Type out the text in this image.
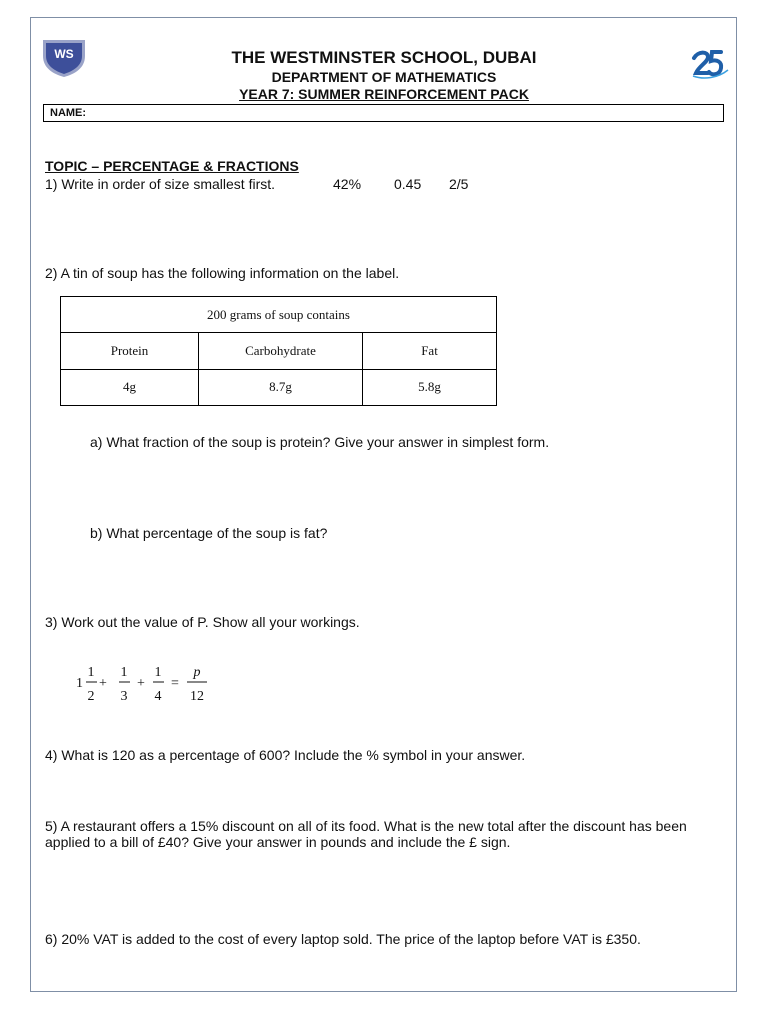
WS	THE WESTMINSTER SCHOOL, DUBAI
DEPARTMENT OF MATHEMATICS
YEAR 7: SUMMER REINFORCEMENT PACK
NAME:
TOPIC – PERCENTAGE & FRACTIONS
1) Write in order of size smallest first.	42% 0.45 2/5
2) A tin of soup has the following information on the label.
200 grams of soup contains		
Protein	Carbohydrate	Fat
4g	8.7g	5.8g
a) What fraction of the soup is protein? Give your answer in simplest form.
b) What percentage of the soup is fat?
3) Work out the value of P. Show all your workings.
1
1
2
+
1
3
+
1
4
=
p
12
4) What is 120 as a percentage of 600? Include the % symbol in your answer.
5) A restaurant offers a 15% discount on all of its food. What is the new total after the discount has been applied to a bill of £40? Give your answer in pounds and include the £ sign.
6) 20% VAT is added to the cost of every laptop sold. The price of the laptop before VAT is £350.
